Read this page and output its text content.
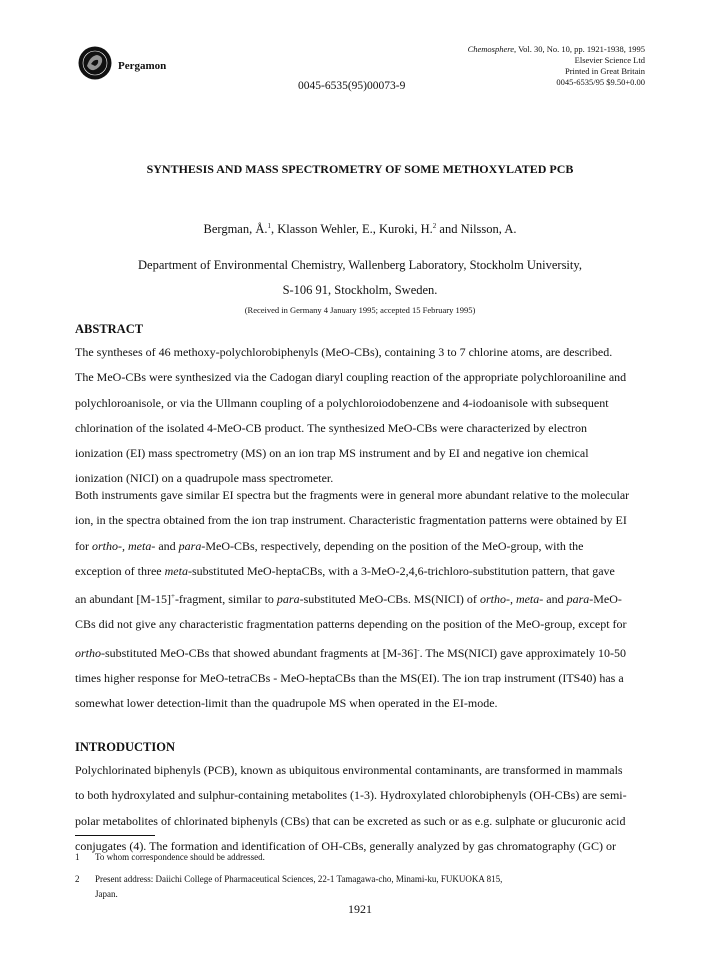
Pergamon
0045-6535(95)00073-9
Chemosphere, Vol. 30, No. 10, pp. 1921-1938, 1995
Elsevier Science Ltd
Printed in Great Britain
0045-6535/95 $9.50+0.00
SYNTHESIS AND MASS SPECTROMETRY OF SOME METHOXYLATED PCB
Bergman, Å.$^1$, Klasson Wehler, E., Kuroki, H.$^2$ and Nilsson, A.
Department of Environmental Chemistry, Wallenberg Laboratory, Stockholm University,
S-106 91, Stockholm, Sweden.
(Received in Germany 4 January 1995; accepted 15 February 1995)
ABSTRACT
The syntheses of 46 methoxy-polychlorobiphenyls (MeO-CBs), containing 3 to 7 chlorine atoms, are described.
The MeO-CBs were synthesized via the Cadogan diaryl coupling reaction of the appropriate polychloroaniline and
polychloroanisole, or via the Ullmann coupling of a polychloroiodobenzene and 4-iodoanisole with subsequent
chlorination of the isolated 4-MeO-CB product. The synthesized MeO-CBs were characterized by electron
ionization (EI) mass spectrometry (MS) on an ion trap MS instrument and by EI and negative ion chemical
ionization (NICI) on a quadrupole mass spectrometer.
Both instruments gave similar EI spectra but the fragments were in general more abundant relative to the molecular
ion, in the spectra obtained from the ion trap instrument. Characteristic fragmentation patterns were obtained by EI
for ortho-, meta- and para-MeO-CBs, respectively, depending on the position of the MeO-group, with the
exception of three meta-substituted MeO-heptaCBs, with a 3-MeO-2,4,6-trichloro-substitution pattern, that gave
an abundant [M-15]+-fragment, similar to para-substituted MeO-CBs. MS(NICI) of ortho-, meta- and para-MeO-
CBs did not give any characteristic fragmentation patterns depending on the position of the MeO-group, except for
ortho-substituted MeO-CBs that showed abundant fragments at [M-36]-. The MS(NICI) gave approximately 10-50
times higher response for MeO-tetraCBs - MeO-heptaCBs than the MS(EI). The ion trap instrument (ITS40) has a
somewhat lower detection-limit than the quadrupole MS when operated in the EI-mode.
INTRODUCTION
Polychlorinated biphenyls (PCB), known as ubiquitous environmental contaminants, are transformed in mammals
to both hydroxylated and sulphur-containing metabolites (1-3). Hydroxylated chlorobiphenyls (OH-CBs) are semi-
polar metabolites of chlorinated biphenyls (CBs) that can be excreted as such or as e.g. sulphate or glucuronic acid
conjugates (4). The formation and identification of OH-CBs, generally analyzed by gas chromatography (GC) or
1 To whom correspondence should be addressed.
2 Present address: Daiichi College of Pharmaceutical Sciences, 22-1 Tamagawa-cho, Minami-ku, FUKUOKA 815,
Japan.
1921
